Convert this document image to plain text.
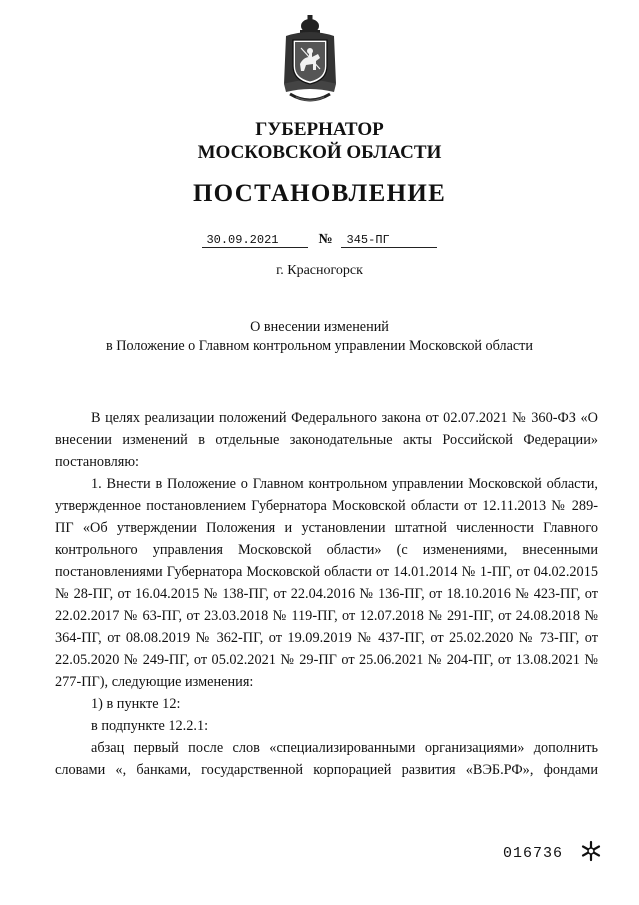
ГУБЕРНАТОР
МОСКОВСКОЙ ОБЛАСТИ
ПОСТАНОВЛЕНИЕ
30.09.2021	№ 345-ПГ
г. Красногорск
О внесении изменений
в Положение о Главном контрольном управлении Московской области

В целях реализации положений Федерального закона от 02.07.2021 № 360-ФЗ «О внесении изменений в отдельные законодательные акты Российской Федерации» постановляю:

1. Внести в Положение о Главном контрольном управлении Московской области, утвержденное постановлением Губернатора Московской области от 12.11.2013 № 289-ПГ «Об утверждении Положения и установлении штатной численности Главного контрольного управления Московской области» (с изменениями, внесенными постановлениями Губернатора Московской области от 14.01.2014 № 1-ПГ, от 04.02.2015 № 28-ПГ, от 16.04.2015 № 138-ПГ, от 22.04.2016 № 136-ПГ, от 18.10.2016 № 423-ПГ, от 22.02.2017 № 63-ПГ, от 23.03.2018 № 119-ПГ, от 12.07.2018 № 291-ПГ, от 24.08.2018 № 364-ПГ, от 08.08.2019 № 362-ПГ, от 19.09.2019 № 437-ПГ, от 25.02.2020 № 73-ПГ, от 22.05.2020 № 249-ПГ, от 05.02.2021 № 29-ПГ от 25.06.2021 № 204-ПГ, от 13.08.2021 № 277-ПГ), следующие изменения:

1) в пункте 12:

в подпункте 12.2.1:

абзац первый после слов «специализированными организациями» дополнить словами «, банками, государственной корпорацией развития «ВЭБ.РФ», фондами

016736
